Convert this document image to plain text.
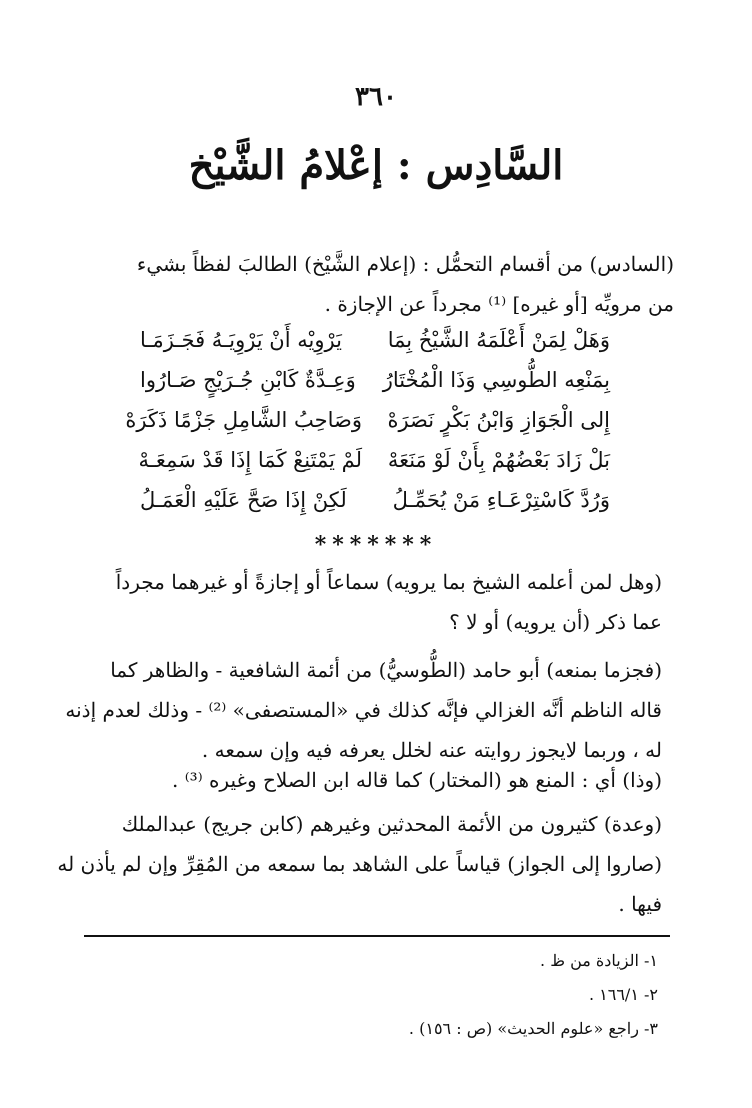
٣٦٠
السَّادِس : إعْلامُ الشَّيْخ
(السادس) من أقسام التحمُّل : (إعلام الشَّيْخ) الطالبَ لفظاً بشيء
من مرويِّه [أو غيره] ⁽¹⁾ مجرداً عن الإجازة .
وَهَلْ لِمَنْ أَعْلَمَهُ الشَّيْخُ بِمَا
يَرْوِيْه أَنْ يَرْوِيَـهُ فَجَـزَمَـا
بِمَنْعِه الطُّوسِي وَذَا الْمُخْتَارُ
وَعِـدَّةٌ كَابْنِ جُـرَيْجٍ صَـارُوا
إِلى الْجَوَازِ وَابْنُ بَكْرٍ نَصَرَهْ
وَصَاحِبُ الشَّامِلِ جَزْمًا ذَكَرَهْ
بَلْ زَادَ بَعْضُهُمْ بِأَنْ لَوْ مَنَعَهْ
لَمْ يَمْتَنِعْ كَمَا إِذَا قَدْ سَمِعَـهْ
وَرُدَّ كَاسْتِرْعَـاءِ مَنْ يُحَمِّـلُ
لَكِنْ إِذَا صَحَّ عَلَيْهِ الْعَمَـلُ
*******
(وهل لمن أعلمه الشيخ بما يرويه) سماعاً أو إجازةً أو غيرهما مجرداً
عما ذكر (أن يرويه) أو لا ؟
(فجزما بمنعه) أبو حامد (الطُّوسيُّ) من أئمة الشافعية - والظاهر كما
قاله الناظم أنَّه الغزالي فإنَّه كذلك في «المستصفى» ⁽²⁾ - وذلك لعدم إذنه
له ، وربما لايجوز روايته عنه لخلل يعرفه فيه وإن سمعه .
(وذا) أي : المنع هو (المختار) كما قاله ابن الصلاح وغيره ⁽³⁾ .
(وعدة) كثيرون من الأئمة المحدثين وغيرهم (كابن جريج) عبدالملك
(صاروا إلى الجواز) قياساً على الشاهد بما سمعه من المُقِرِّ وإن لم يأذن له
فيها .
١- الزيادة من ظ .
٢- ١٦٦/١ .
٣- راجع «علوم الحديث» (ص : ١٥٦) .
